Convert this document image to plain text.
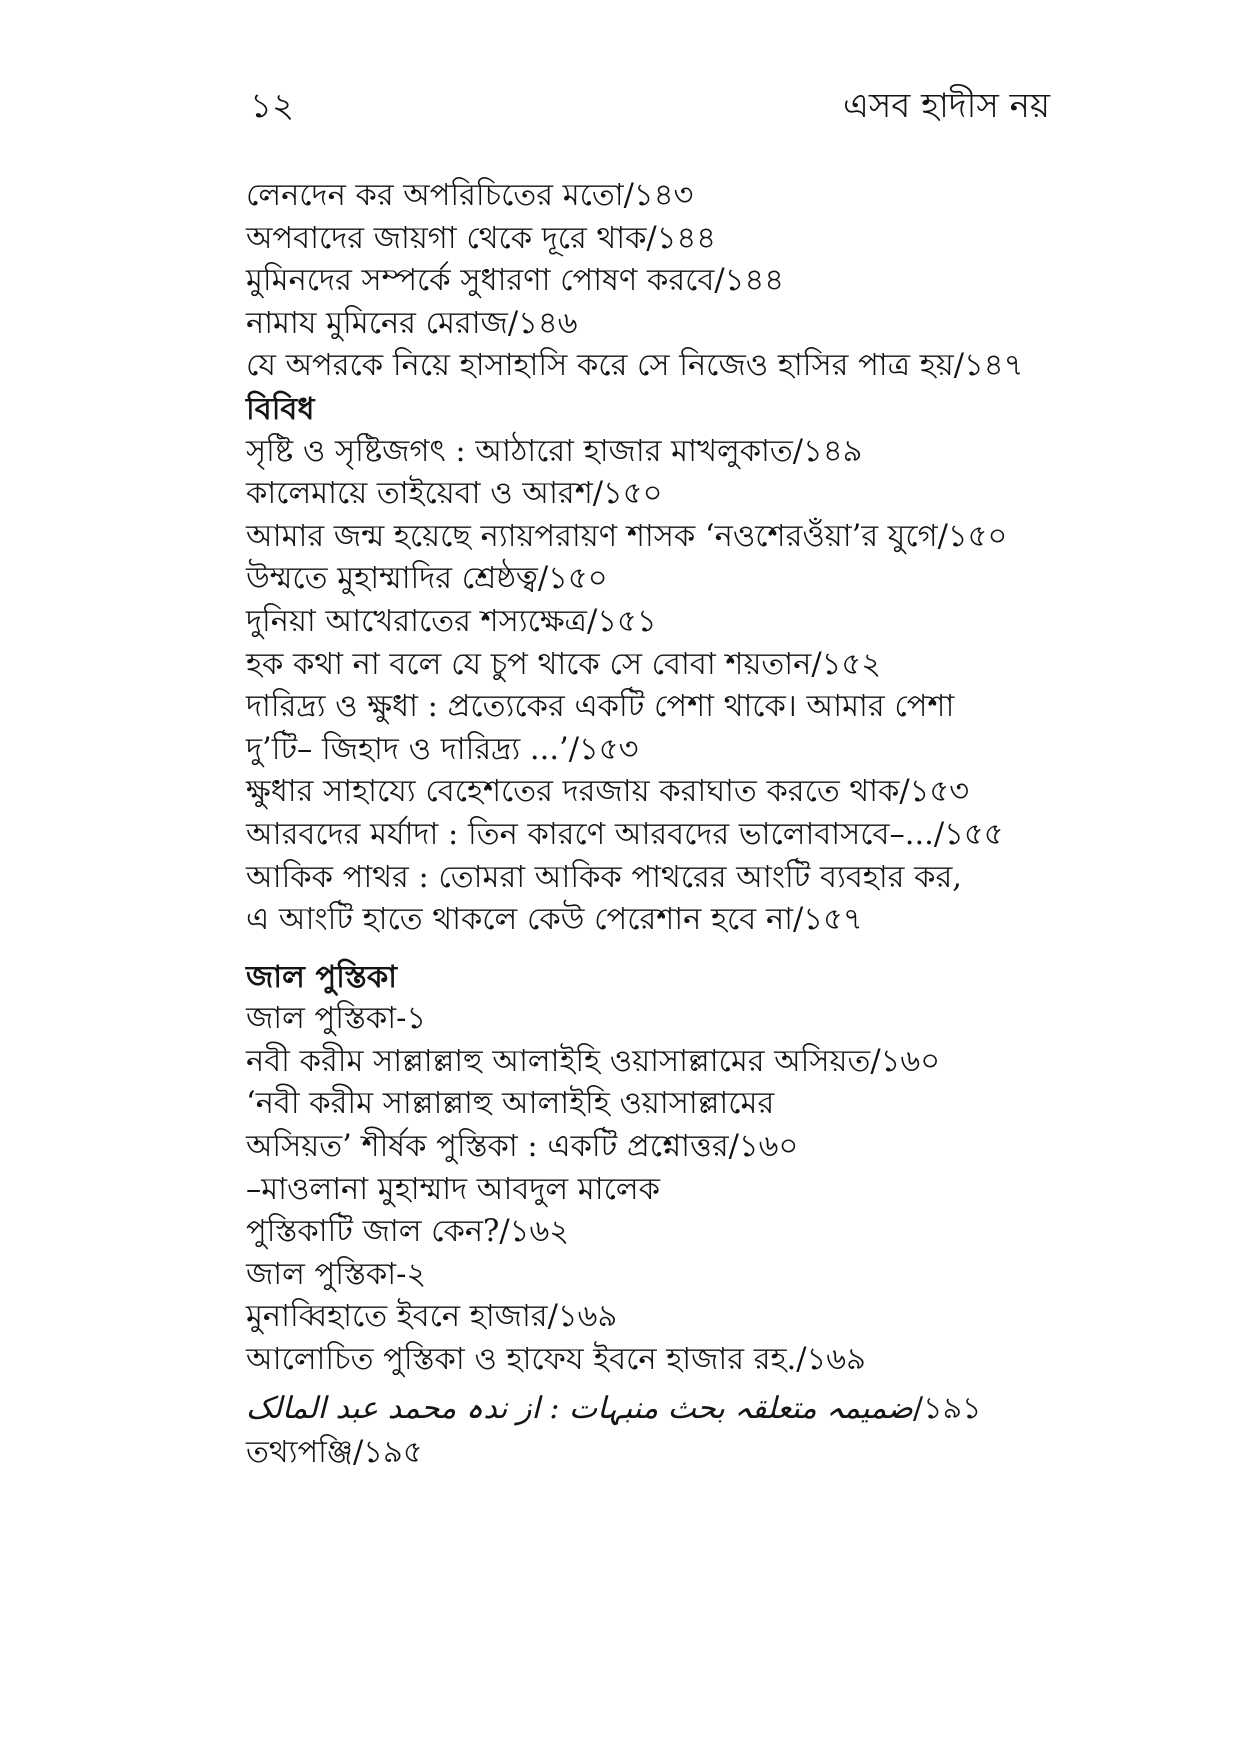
১২	এসব হাদীস নয়
লেনদেন কর অপরিচিতের মতো/১৪৩
অপবাদের জায়গা থেকে দূরে থাক/১৪৪
মুমিনদের সম্পর্কে সুধারণা পোষণ করবে/১৪৪
নামায মুমিনের মেরাজ/১৪৬
যে অপরকে নিয়ে হাসাহাসি করে সে নিজেও হাসির পাত্র হয়/১৪৭
বিবিধ
সৃষ্টি ও সৃষ্টিজগৎ : আঠারো হাজার মাখলুকাত/১৪৯
কালেমায়ে তাইয়েবা ও আরশ/১৫০
আমার জন্ম হয়েছে ন্যায়পরায়ণ শাসক ‘নওশেরওঁয়া’র যুগে/১৫০
উম্মতে মুহাম্মাদির শ্রেষ্ঠত্ব/১৫০
দুনিয়া আখেরাতের শস্যক্ষেত্র/১৫১
হক কথা না বলে যে চুপ থাকে সে বোবা শয়তান/১৫২
দারিদ্র্য ও ক্ষুধা : প্রত্যেকের একটি পেশা থাকে। আমার পেশা
দু’টি– জিহাদ ও দারিদ্র্য ...’/১৫৩
ক্ষুধার সাহায্যে বেহেশতের দরজায় করাঘাত করতে থাক/১৫৩
আরবদের মর্যাদা : তিন কারণে আরবদের ভালোবাসবে–.../১৫৫
আকিক পাথর : তোমরা আকিক পাথরের আংটি ব্যবহার কর,
এ আংটি হাতে থাকলে কেউ পেরেশান হবে না/১৫৭
জাল পুস্তিকা
জাল পুস্তিকা-১
নবী করীম সাল্লাল্লাহু আলাইহি ওয়াসাল্লামের অসিয়ত/১৬০
‘নবী করীম সাল্লাল্লাহু আলাইহি ওয়াসাল্লামের
অসিয়ত’ শীর্ষক পুস্তিকা : একটি প্রশ্নোত্তর/১৬০
–মাওলানা মুহাম্মাদ আবদুল মালেক
পুস্তিকাটি জাল কেন?/১৬২
জাল পুস্তিকা-২
মুনাব্বিহাতে ইবনে হাজার/১৬৯
আলোচিত পুস্তিকা ও হাফেয ইবনে হাজার রহ./১৬৯
ضمیمہ متعلقہ بحث منبہات : از ندہ محمد عبد المالک/১৯১
তথ্যপঞ্জি/১৯৫
